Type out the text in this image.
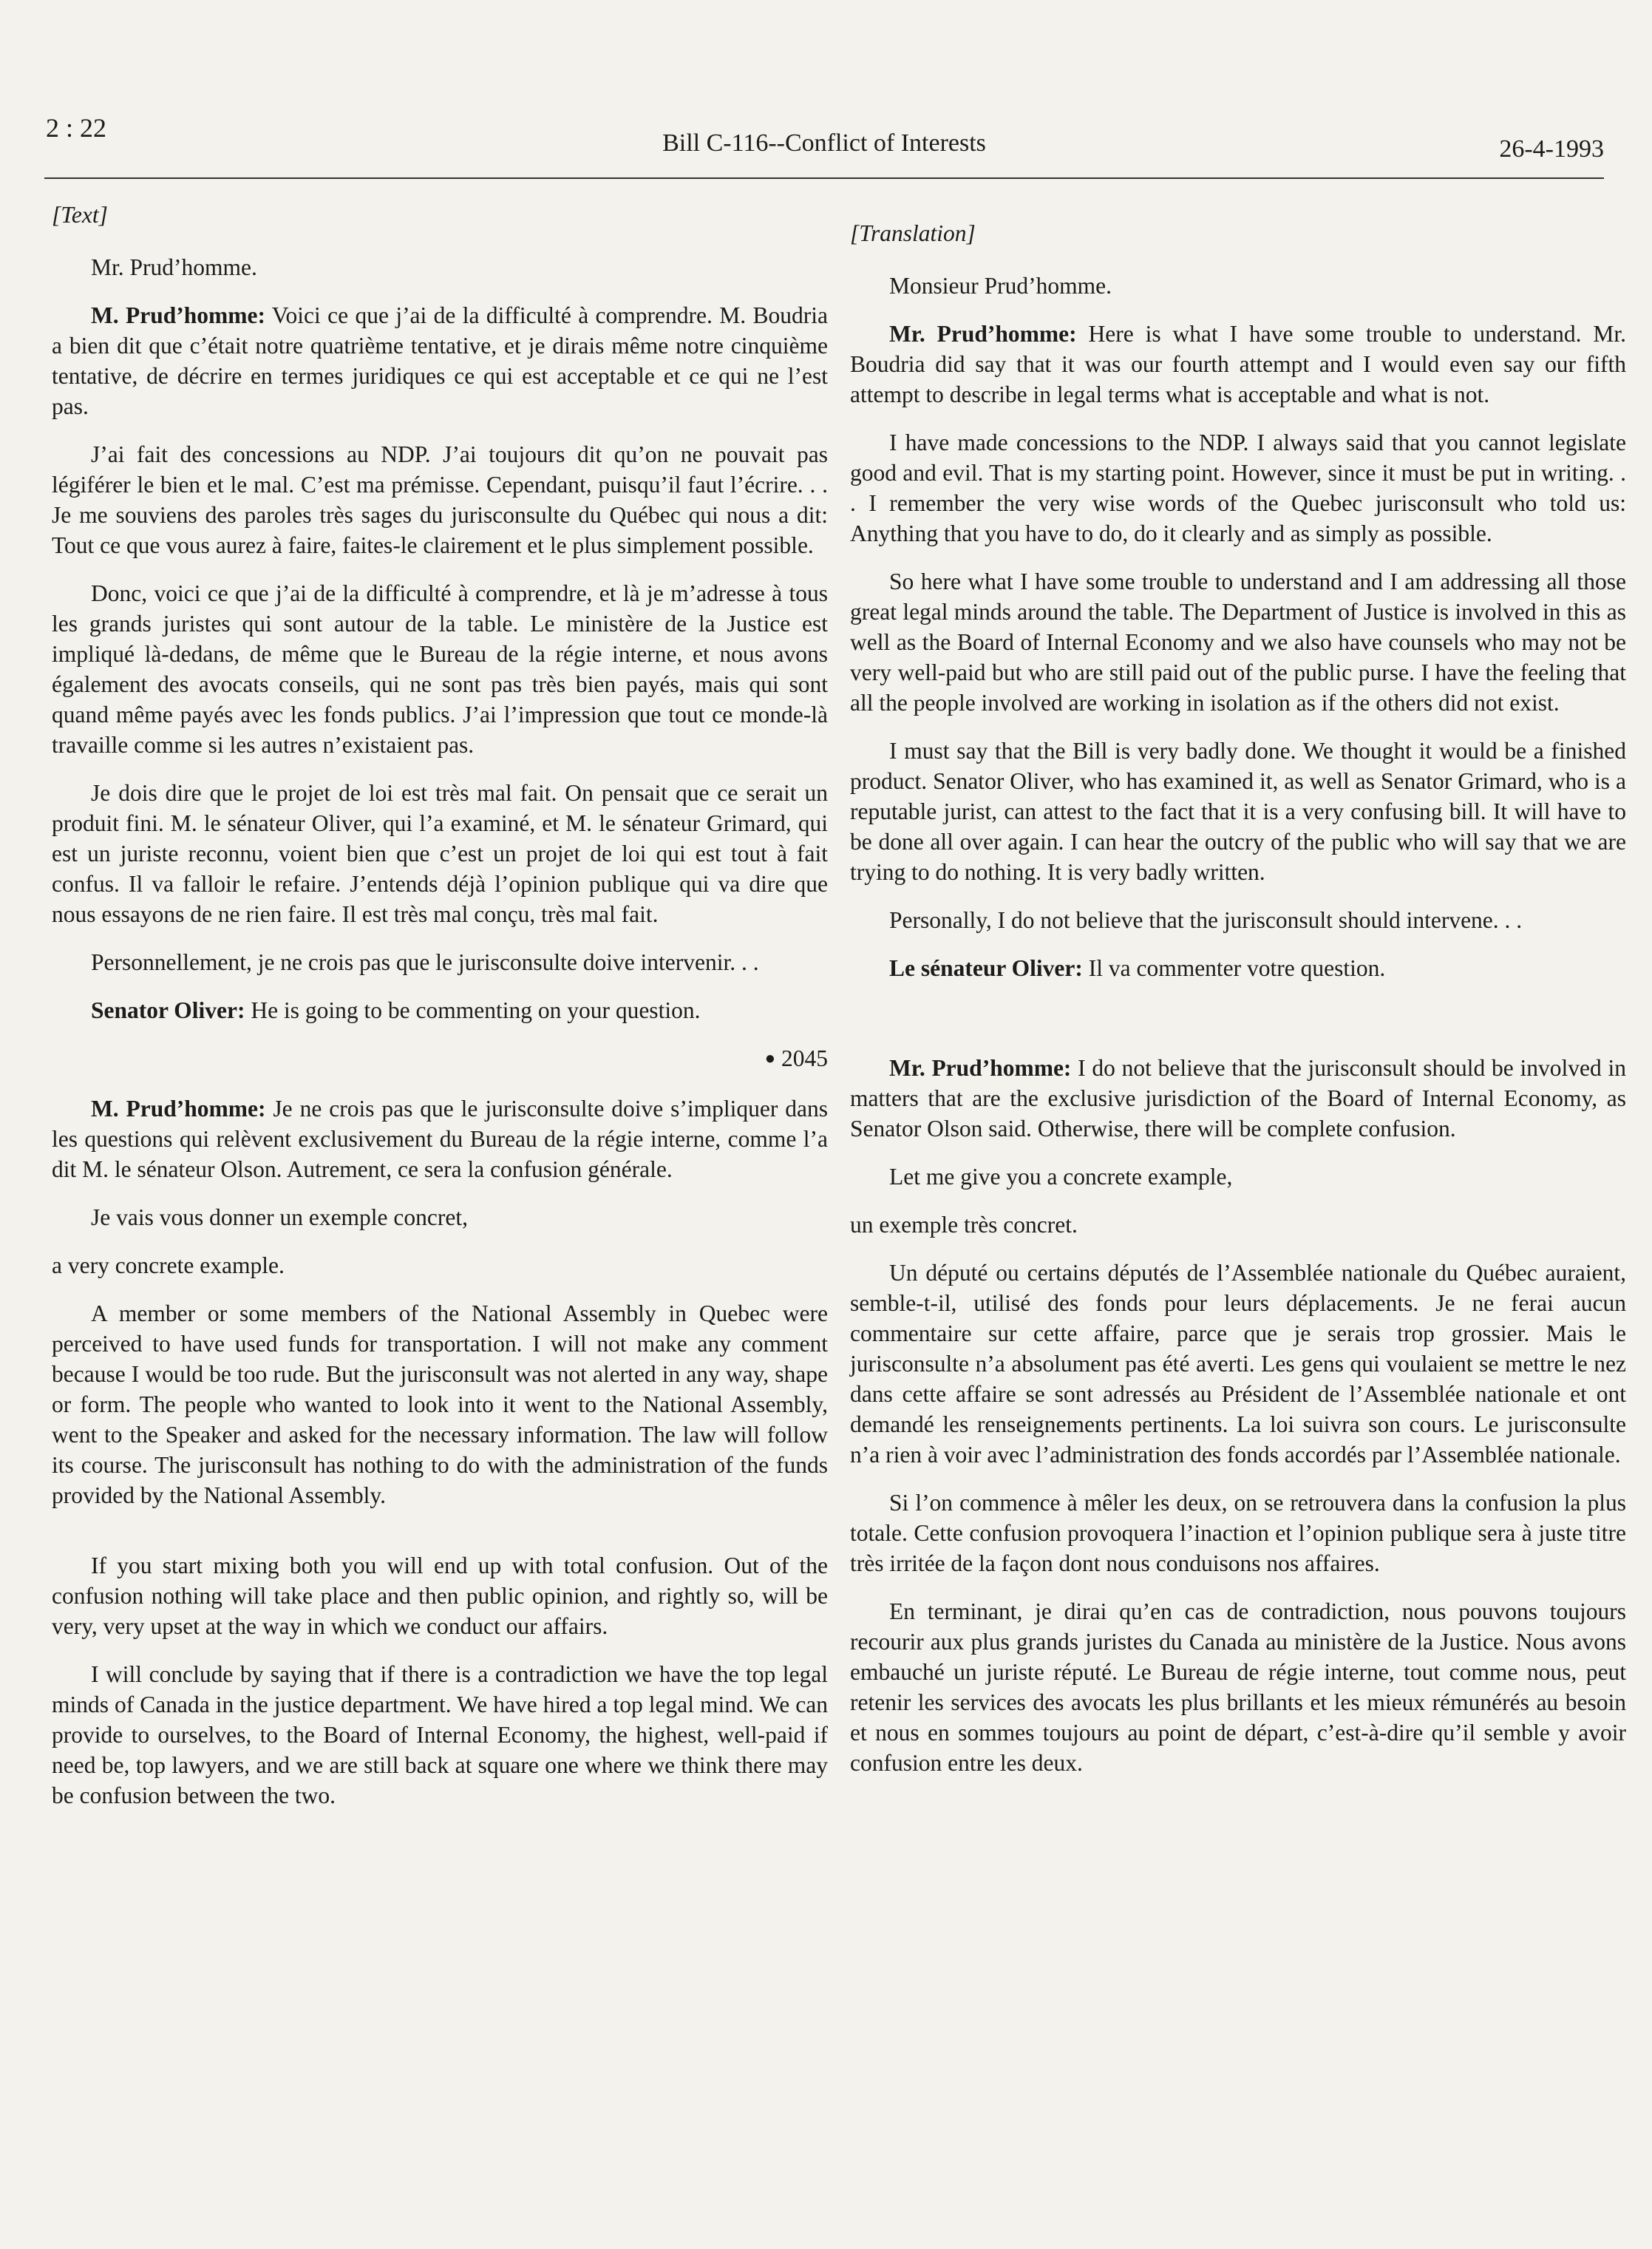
2 : 22
Bill C-116--Conflict of Interests	26-4-1993
[Text]

Mr. Prud’homme.

M. Prud’homme: Voici ce que j’ai de la difficulté à comprendre. M. Boudria a bien dit que c’était notre quatrième tentative, et je dirais même notre cinquième tentative, de décrire en termes juridiques ce qui est acceptable et ce qui ne l’est pas.

J’ai fait des concessions au NDP. J’ai toujours dit qu’on ne pouvait pas légiférer le bien et le mal. C’est ma prémisse. Cependant, puisqu’il faut l’écrire. . . Je me souviens des paroles très sages du jurisconsulte du Québec qui nous a dit: Tout ce que vous aurez à faire, faites-le clairement et le plus simplement possible.

Donc, voici ce que j’ai de la difficulté à comprendre, et là je m’adresse à tous les grands juristes qui sont autour de la table. Le ministère de la Justice est impliqué là-dedans, de même que le Bureau de la régie interne, et nous avons également des avocats conseils, qui ne sont pas très bien payés, mais qui sont quand même payés avec les fonds publics. J’ai l’impression que tout ce monde-là travaille comme si les autres n’existaient pas.

Je dois dire que le projet de loi est très mal fait. On pensait que ce serait un produit fini. M. le sénateur Oliver, qui l’a examiné, et M. le sénateur Grimard, qui est un juriste reconnu, voient bien que c’est un projet de loi qui est tout à fait confus. Il va falloir le refaire. J’entends déjà l’opinion publique qui va dire que nous essayons de ne rien faire. Il est très mal conçu, très mal fait.

Personnellement, je ne crois pas que le jurisconsulte doive intervenir. . .

Senator Oliver: He is going to be commenting on your question.

● 2045

M. Prud’homme: Je ne crois pas que le jurisconsulte doive s’impliquer dans les questions qui relèvent exclusivement du Bureau de la régie interne, comme l’a dit M. le sénateur Olson. Autrement, ce sera la confusion générale.

Je vais vous donner un exemple concret,

a very concrete example.

A member or some members of the National Assembly in Quebec were perceived to have used funds for transportation. I will not make any comment because I would be too rude. But the jurisconsult was not alerted in any way, shape or form. The people who wanted to look into it went to the National Assembly, went to the Speaker and asked for the necessary information. The law will follow its course. The jurisconsult has nothing to do with the administration of the funds provided by the National Assembly.

If you start mixing both you will end up with total confusion. Out of the confusion nothing will take place and then public opinion, and rightly so, will be very, very upset at the way in which we conduct our affairs.

I will conclude by saying that if there is a contradiction we have the top legal minds of Canada in the justice department. We have hired a top legal mind. We can provide to ourselves, to the Board of Internal Economy, the highest, well-paid if need be, top lawyers, and we are still back at square one where we think there may be confusion between the two.

[Translation]

Monsieur Prud’homme.

Mr. Prud’homme: Here is what I have some trouble to understand. Mr. Boudria did say that it was our fourth attempt and I would even say our fifth attempt to describe in legal terms what is acceptable and what is not.

I have made concessions to the NDP. I always said that you cannot legislate good and evil. That is my starting point. However, since it must be put in writing. . . I remember the very wise words of the Quebec jurisconsult who told us: Anything that you have to do, do it clearly and as simply as possible.

So here what I have some trouble to understand and I am addressing all those great legal minds around the table. The Department of Justice is involved in this as well as the Board of Internal Economy and we also have counsels who may not be very well-paid but who are still paid out of the public purse. I have the feeling that all the people involved are working in isolation as if the others did not exist.

I must say that the Bill is very badly done. We thought it would be a finished product. Senator Oliver, who has examined it, as well as Senator Grimard, who is a reputable jurist, can attest to the fact that it is a very confusing bill. It will have to be done all over again. I can hear the outcry of the public who will say that we are trying to do nothing. It is very badly written.

Personally, I do not believe that the jurisconsult should intervene. . .

Le sénateur Oliver: Il va commenter votre question.

Mr. Prud’homme: I do not believe that the jurisconsult should be involved in matters that are the exclusive jurisdiction of the Board of Internal Economy, as Senator Olson said. Otherwise, there will be complete confusion.

Let me give you a concrete example,

un exemple très concret.

Un député ou certains députés de l’Assemblée nationale du Québec auraient, semble-t-il, utilisé des fonds pour leurs déplacements. Je ne ferai aucun commentaire sur cette affaire, parce que je serais trop grossier. Mais le jurisconsulte n’a absolument pas été averti. Les gens qui voulaient se mettre le nez dans cette affaire se sont adressés au Président de l’Assemblée nationale et ont demandé les renseignements pertinents. La loi suivra son cours. Le jurisconsulte n’a rien à voir avec l’administration des fonds accordés par l’Assemblée nationale.

Si l’on commence à mêler les deux, on se retrouvera dans la confusion la plus totale. Cette confusion provoquera l’inaction et l’opinion publique sera à juste titre très irritée de la façon dont nous conduisons nos affaires.

En terminant, je dirai qu’en cas de contradiction, nous pouvons toujours recourir aux plus grands juristes du Canada au ministère de la Justice. Nous avons embauché un juriste réputé. Le Bureau de régie interne, tout comme nous, peut retenir les services des avocats les plus brillants et les mieux rémunérés au besoin et nous en sommes toujours au point de départ, c’est-à-dire qu’il semble y avoir confusion entre les deux.
